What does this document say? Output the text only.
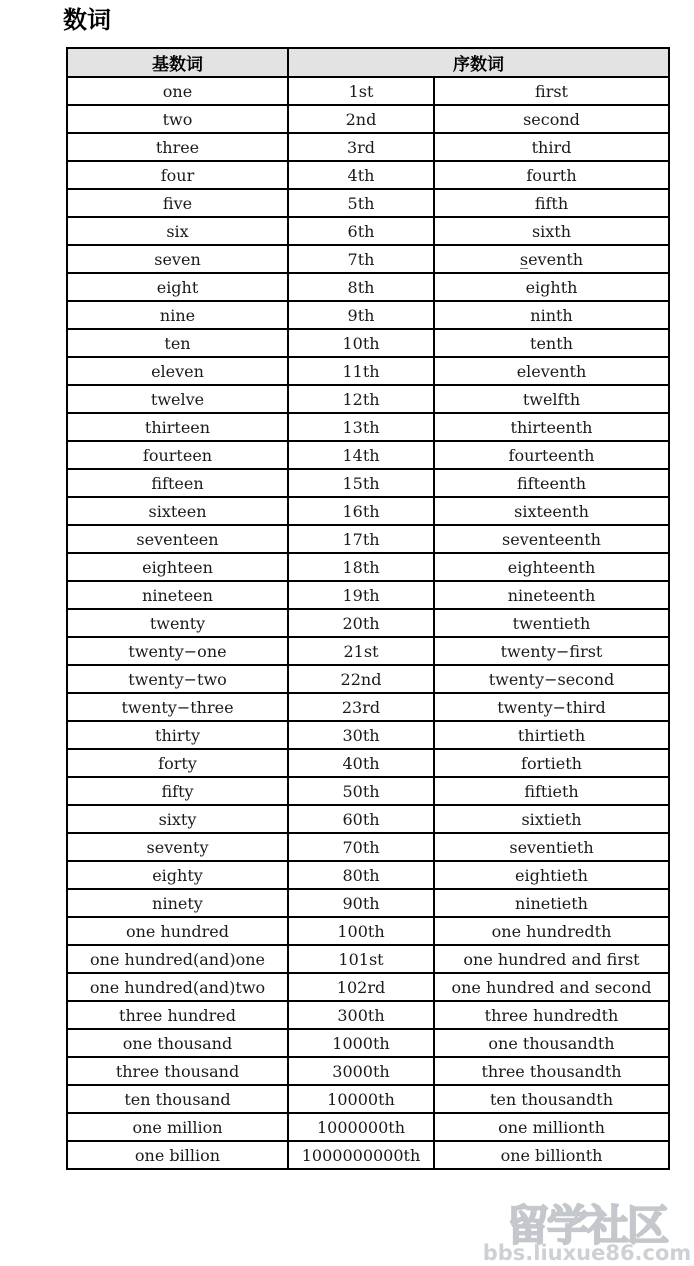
数词
基数词	序数词	
one	1st	first
two	2nd	second
three	3rd	third
four	4th	fourth
five	5th	fifth
six	6th	sixth
seven	7th	s̲eventh
eight	8th	eighth
nine	9th	ninth
ten	10th	tenth
eleven	11th	eleventh
twelve	12th	twelfth
thirteen	13th	thirteenth
fourteen	14th	fourteenth
fifteen	15th	fifteenth
sixteen	16th	sixteenth
seventeen	17th	seventeenth
eighteen	18th	eighteenth
nineteen	19th	nineteenth
twenty	20th	twentieth
twenty−one	21st	twenty−first
twenty−two	22nd	twenty−second
twenty−three	23rd	twenty−third
thirty	30th	thirtieth
forty	40th	fortieth
fifty	50th	fiftieth
sixty	60th	sixtieth
seventy	70th	seventieth
eighty	80th	eightieth
ninety	90th	ninetieth
one hundred	100th	one hundredth
one hundred(and)one	101st	one hundred and first
one hundred(and)two	102rd	one hundred and second
three hundred	300th	three hundredth
one thousand	1000th	one thousandth
three thousand	3000th	three thousandth
ten thousand	10000th	ten thousandth
one million	1000000th	one millionth
one billion	1000000000th	one billionth
留学社区
bbs.liuxue86.com
